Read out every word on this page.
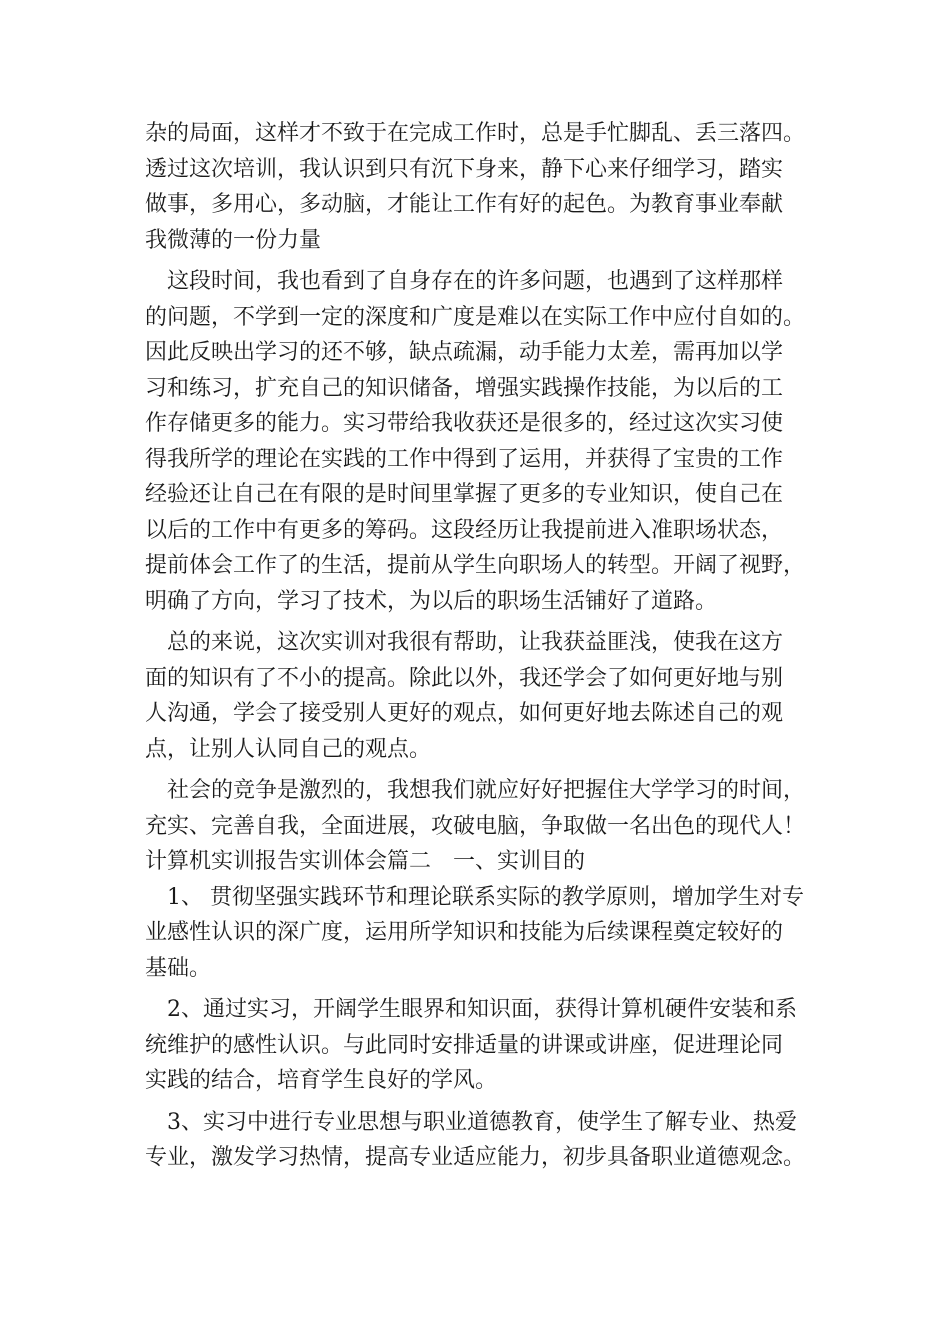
杂的局面，这样才不致于在完成工作时，总是手忙脚乱、丢三落四。
透过这次培训，我认识到只有沉下身来，静下心来仔细学习，踏实
做事，多用心，多动脑，才能让工作有好的起色。为教育事业奉献
我微薄的一份力量
这段时间，我也看到了自身存在的许多问题，也遇到了这样那样
的问题，不学到一定的深度和广度是难以在实际工作中应付自如的。
因此反映出学习的还不够，缺点疏漏，动手能力太差，需再加以学
习和练习，扩充自己的知识储备，增强实践操作技能，为以后的工
作存储更多的能力。实习带给我收获还是很多的，经过这次实习使
得我所学的理论在实践的工作中得到了运用，并获得了宝贵的工作
经验还让自己在有限的是时间里掌握了更多的专业知识，使自己在
以后的工作中有更多的筹码。这段经历让我提前进入准职场状态，
提前体会工作了的生活，提前从学生向职场人的转型。开阔了视野，
明确了方向，学习了技术，为以后的职场生活铺好了道路。
总的来说，这次实训对我很有帮助，让我获益匪浅，使我在这方
面的知识有了不小的提高。除此以外，我还学会了如何更好地与别
人沟通，学会了接受别人更好的观点，如何更好地去陈述自己的观
点，让别人认同自己的观点。
社会的竞争是激烈的，我想我们就应好好把握住大学学习的时间，
充实、完善自我，全面进展，攻破电脑，争取做一名出色的现代人！
计算机实训报告实训体会篇二　一、实训目的
1、 贯彻坚强实践环节和理论联系实际的教学原则，增加学生对专
业感性认识的深广度，运用所学知识和技能为后续课程奠定较好的
基础。
2、通过实习，开阔学生眼界和知识面，获得计算机硬件安装和系
统维护的感性认识。与此同时安排适量的讲课或讲座，促进理论同
实践的结合，培育学生良好的学风。
3、实习中进行专业思想与职业道德教育，使学生了解专业、热爱
专业，激发学习热情，提高专业适应能力，初步具备职业道德观念。
